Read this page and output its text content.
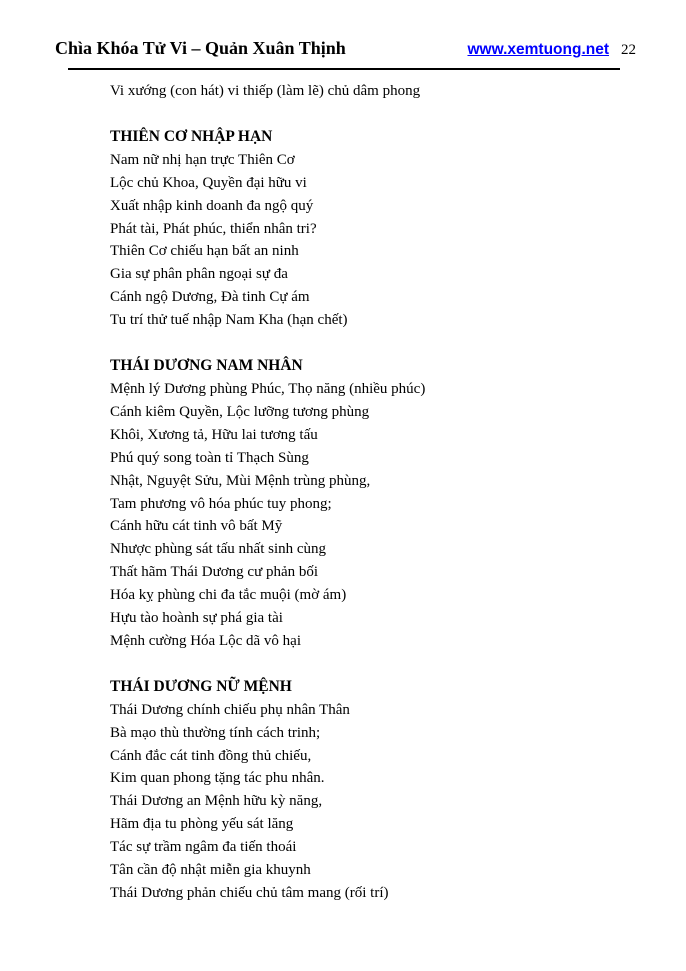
Chìa Khóa Tử Vi – Quản Xuân Thịnh	www.xemtuong.net 22
Vi xướng (con hát) vi thiếp (làm lẽ) chủ dâm phong
THIÊN CƠ NHẬP HẠN
Nam nữ nhị hạn trực Thiên Cơ
Lộc chủ Khoa, Quyền đại hữu vi
Xuất nhập kinh doanh đa ngộ quý
Phát tài, Phát phúc, thiển nhân tri?
Thiên Cơ chiếu hạn bất an ninh
Gia sự phân phân ngoại sự đa
Cánh ngộ Dương, Đà tinh Cự ám
Tu trí thử tuế nhập Nam Kha (hạn chết)
THÁI DƯƠNG NAM NHÂN
Mệnh lý Dương phùng Phúc, Thọ năng (nhiều phúc)
Cánh kiêm Quyền, Lộc lưỡng tương phùng
Khôi, Xương tả, Hữu lai tương tấu
Phú quý song toàn tỉ Thạch Sùng
Nhật, Nguyệt Sửu, Mùi Mệnh trùng phùng,
Tam phương vô hóa phúc tuy phong;
Cánh hữu cát tinh vô bất Mỹ
Nhược phùng sát tấu nhất sinh cùng
Thất hãm Thái Dương cư phản bối
Hóa kỵ phùng chi đa tắc muội (mờ ám)
Hựu tào hoành sự phá gia tài
Mệnh cường Hóa Lộc dã vô hại
THÁI DƯƠNG NỮ MỆNH
Thái Dương chính chiếu phụ nhân Thân
Bà mạo thù thường tính cách trinh;
Cánh đắc cát tinh đồng thủ chiếu,
Kim quan phong tặng tác phu nhân.
Thái Dương an Mệnh hữu kỳ năng,
Hãm địa tu phòng yếu sát lăng
Tác sự trầm ngâm đa tiến thoái
Tân cần độ nhật miễn gia khuynh
Thái Dương phản chiếu chủ tâm mang (rối trí)
